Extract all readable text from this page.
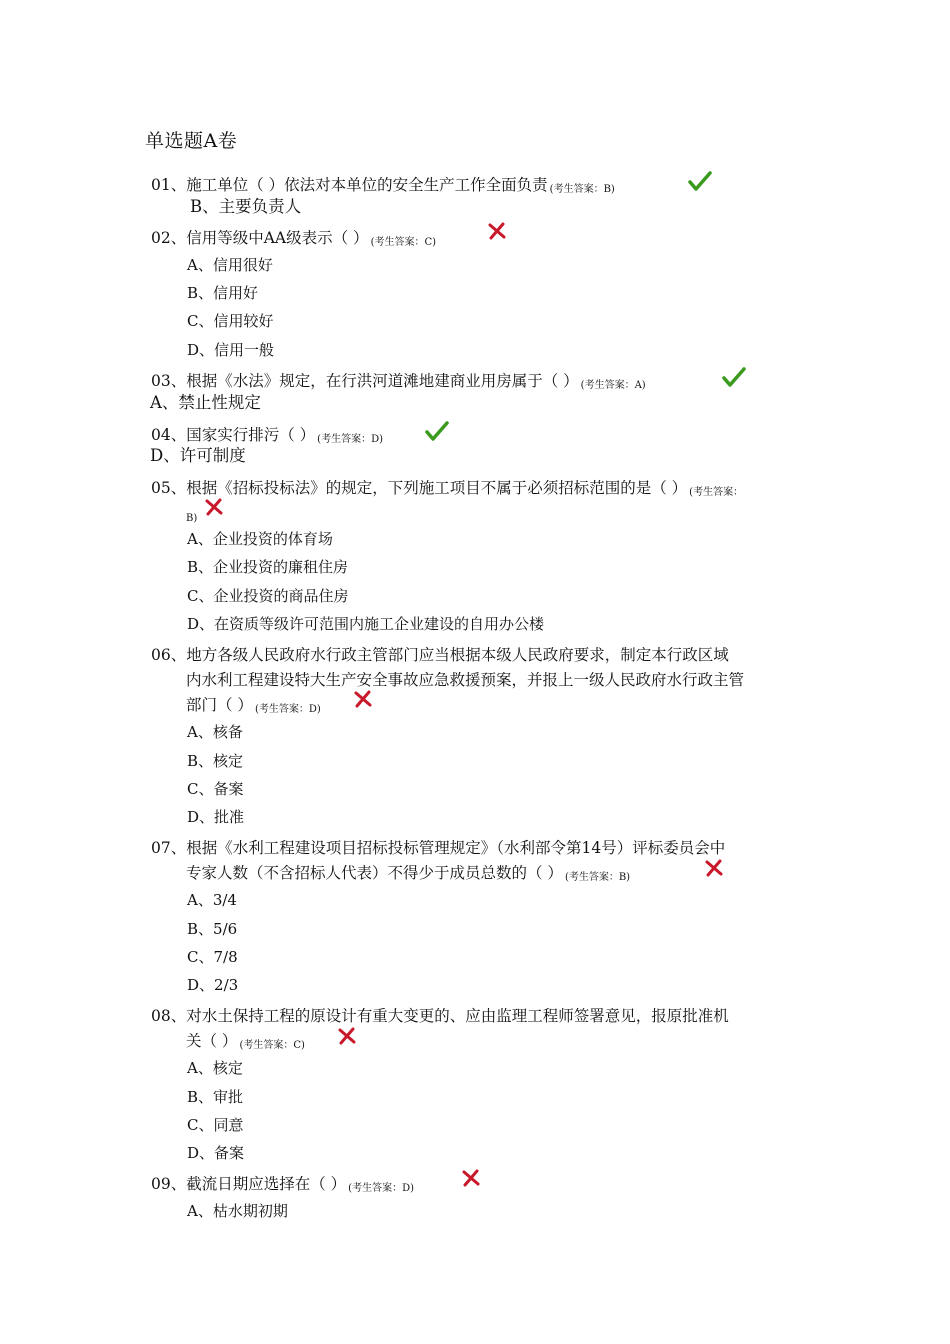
单选题A卷
01、施工单位（ ）依法对本单位的安全生产工作全面负责 (考生答案：B)
B、主要负责人
02、信用等级中AA级表示（ ） (考生答案：C)
A、信用很好
B、信用好
C、信用较好
D、信用一般
03、根据《水法》规定，在行洪河道滩地建商业用房属于（ ） (考生答案：A)
A、禁止性规定
04、国家实行排污（ ） (考生答案：D)
D、许可制度
05、根据《招标投标法》的规定，下列施工项目不属于必须招标范围的是（ ） (考生答案：
B)
A、企业投资的体育场
B、企业投资的廉租住房
C、企业投资的商品住房
D、在资质等级许可范围内施工企业建设的自用办公楼
06、地方各级人民政府水行政主管部门应当根据本级人民政府要求，制定本行政区域
内水利工程建设特大生产安全事故应急救援预案，并报上一级人民政府水行政主管
部门（ ） (考生答案：D)
A、核备
B、核定
C、备案
D、批准
07、根据《水利工程建设项目招标投标管理规定》（水利部令第14号）评标委员会中
专家人数（不含招标人代表）不得少于成员总数的（ ） (考生答案：B)
A、3/4
B、5/6
C、7/8
D、2/3
08、对水土保持工程的原设计有重大变更的、应由监理工程师签署意见，报原批准机
关（ ） (考生答案：C)
A、核定
B、审批
C、同意
D、备案
09、截流日期应选择在（ ） (考生答案：D)
A、枯水期初期
